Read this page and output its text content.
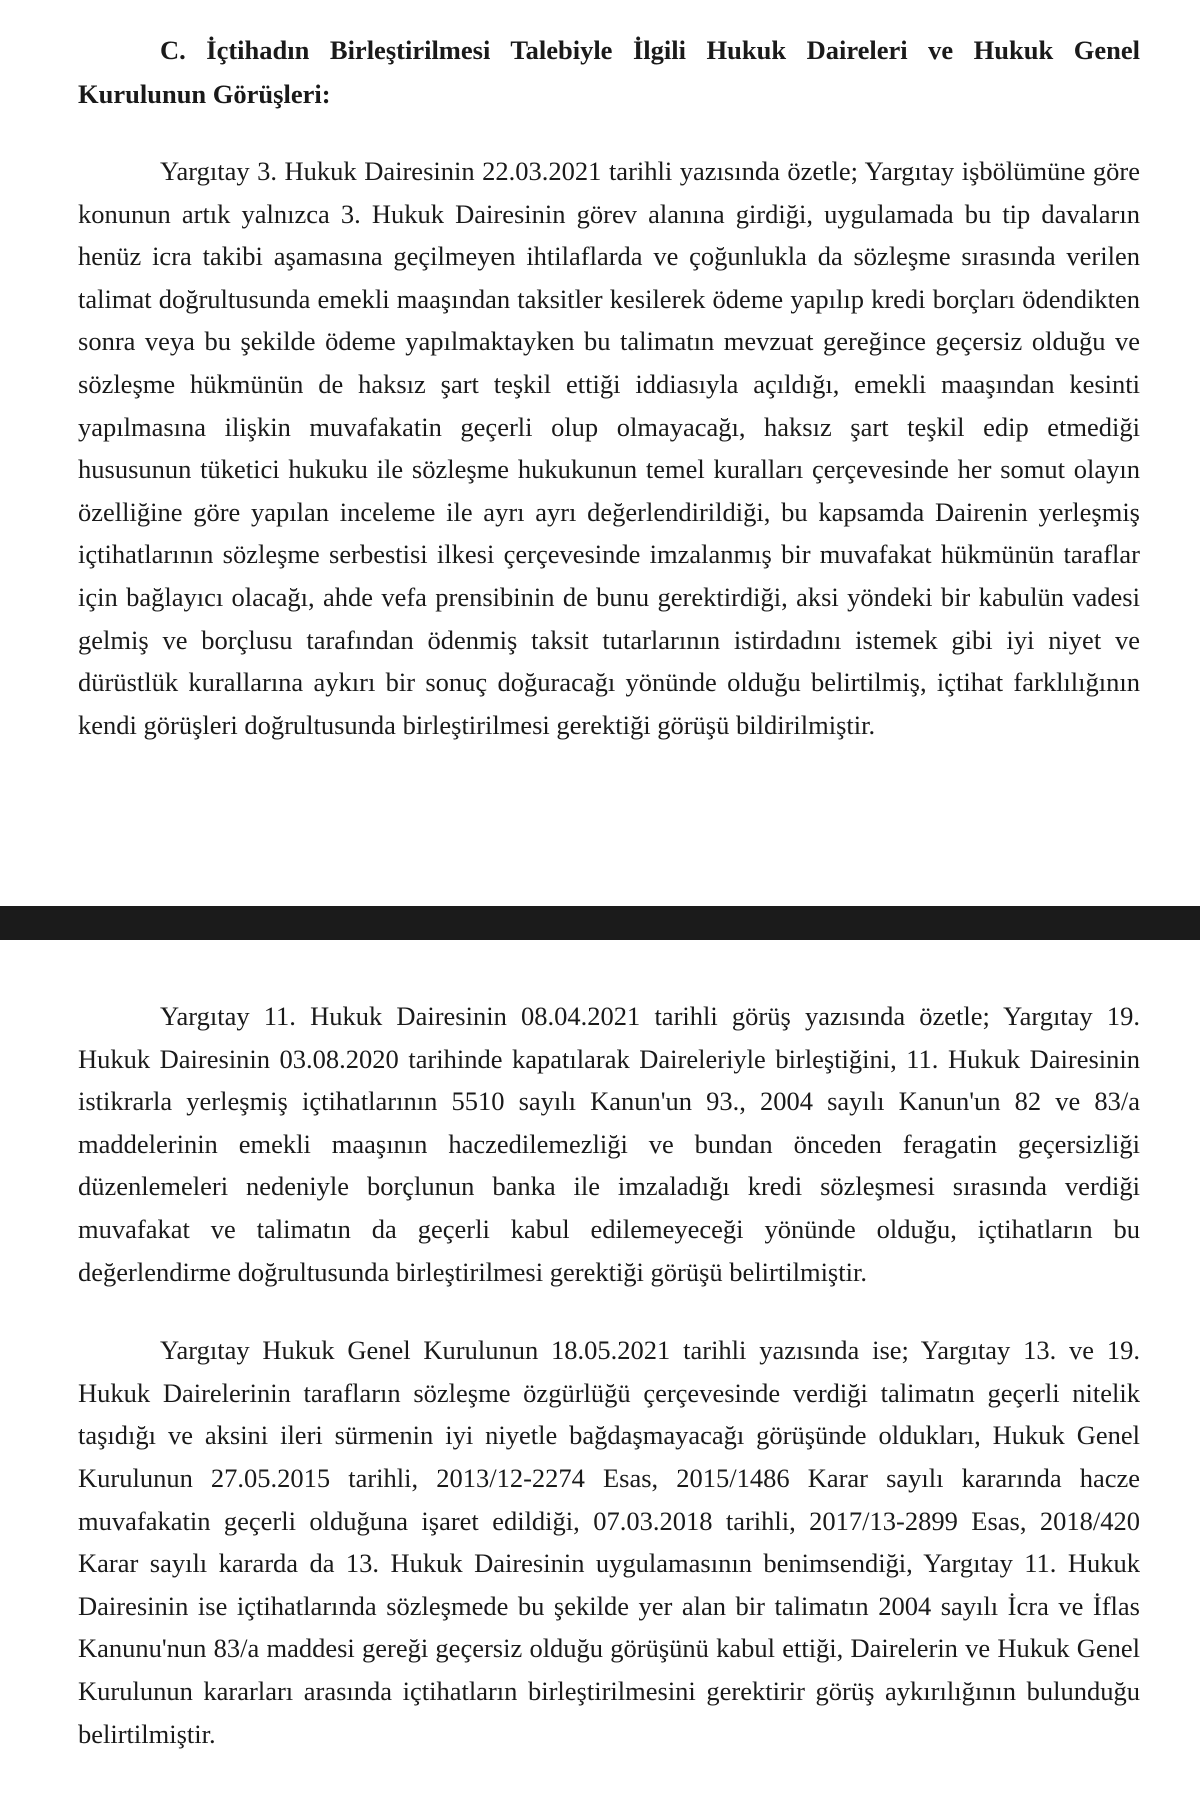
C. İçtihadın Birleştirilmesi Talebiyle İlgili Hukuk Daireleri ve Hukuk Genel Kurulunun Görüşleri:

Yargıtay 3. Hukuk Dairesinin 22.03.2021 tarihli yazısında özetle; Yargıtay işbölümüne göre konunun artık yalnızca 3. Hukuk Dairesinin görev alanına girdiği, uygulamada bu tip davaların henüz icra takibi aşamasına geçilmeyen ihtilaflarda ve çoğunlukla da sözleşme sırasında verilen talimat doğrultusunda emekli maaşından taksitler kesilerek ödeme yapılıp kredi borçları ödendikten sonra veya bu şekilde ödeme yapılmaktayken bu talimatın mevzuat gereğince geçersiz olduğu ve sözleşme hükmünün de haksız şart teşkil ettiği iddiasıyla açıldığı, emekli maaşından kesinti yapılmasına ilişkin muvafakatin geçerli olup olmayacağı, haksız şart teşkil edip etmediği hususunun tüketici hukuku ile sözleşme hukukunun temel kuralları çerçevesinde her somut olayın özelliğine göre yapılan inceleme ile ayrı ayrı değerlendirildiği, bu kapsamda Dairenin yerleşmiş içtihatlarının sözleşme serbestisi ilkesi çerçevesinde imzalanmış bir muvafakat hükmünün taraflar için bağlayıcı olacağı, ahde vefa prensibinin de bunu gerektirdiği, aksi yöndeki bir kabulün vadesi gelmiş ve borçlusu tarafından ödenmiş taksit tutarlarının istirdadını istemek gibi iyi niyet ve dürüstlük kurallarına aykırı bir sonuç doğuracağı yönünde olduğu belirtilmiş, içtihat farklılığının kendi görüşleri doğrultusunda birleştirilmesi gerektiği görüşü bildirilmiştir.

Yargıtay 11. Hukuk Dairesinin 08.04.2021 tarihli görüş yazısında özetle; Yargıtay 19. Hukuk Dairesinin 03.08.2020 tarihinde kapatılarak Daireleriyle birleştiğini, 11. Hukuk Dairesinin istikrarla yerleşmiş içtihatlarının 5510 sayılı Kanun'un 93., 2004 sayılı Kanun'un 82 ve 83/a maddelerinin emekli maaşının haczedilemezliği ve bundan önceden feragatin geçersizliği düzenlemeleri nedeniyle borçlunun banka ile imzaladığı kredi sözleşmesi sırasında verdiği muvafakat ve talimatın da geçerli kabul edilemeyeceği yönünde olduğu, içtihatların bu değerlendirme doğrultusunda birleştirilmesi gerektiği görüşü belirtilmiştir.

Yargıtay Hukuk Genel Kurulunun 18.05.2021 tarihli yazısında ise; Yargıtay 13. ve 19. Hukuk Dairelerinin tarafların sözleşme özgürlüğü çerçevesinde verdiği talimatın geçerli nitelik taşıdığı ve aksini ileri sürmenin iyi niyetle bağdaşmayacağı görüşünde oldukları, Hukuk Genel Kurulunun 27.05.2015 tarihli, 2013/12-2274 Esas, 2015/1486 Karar sayılı kararında hacze muvafakatin geçerli olduğuna işaret edildiği, 07.03.2018 tarihli, 2017/13-2899 Esas, 2018/420 Karar sayılı kararda da 13. Hukuk Dairesinin uygulamasının benimsendiği, Yargıtay 11. Hukuk Dairesinin ise içtihatlarında sözleşmede bu şekilde yer alan bir talimatın 2004 sayılı İcra ve İflas Kanunu'nun 83/a maddesi gereği geçersiz olduğu görüşünü kabul ettiği, Dairelerin ve Hukuk Genel Kurulunun kararları arasında içtihatların birleştirilmesini gerektirir görüş aykırılığının bulunduğu belirtilmiştir.
